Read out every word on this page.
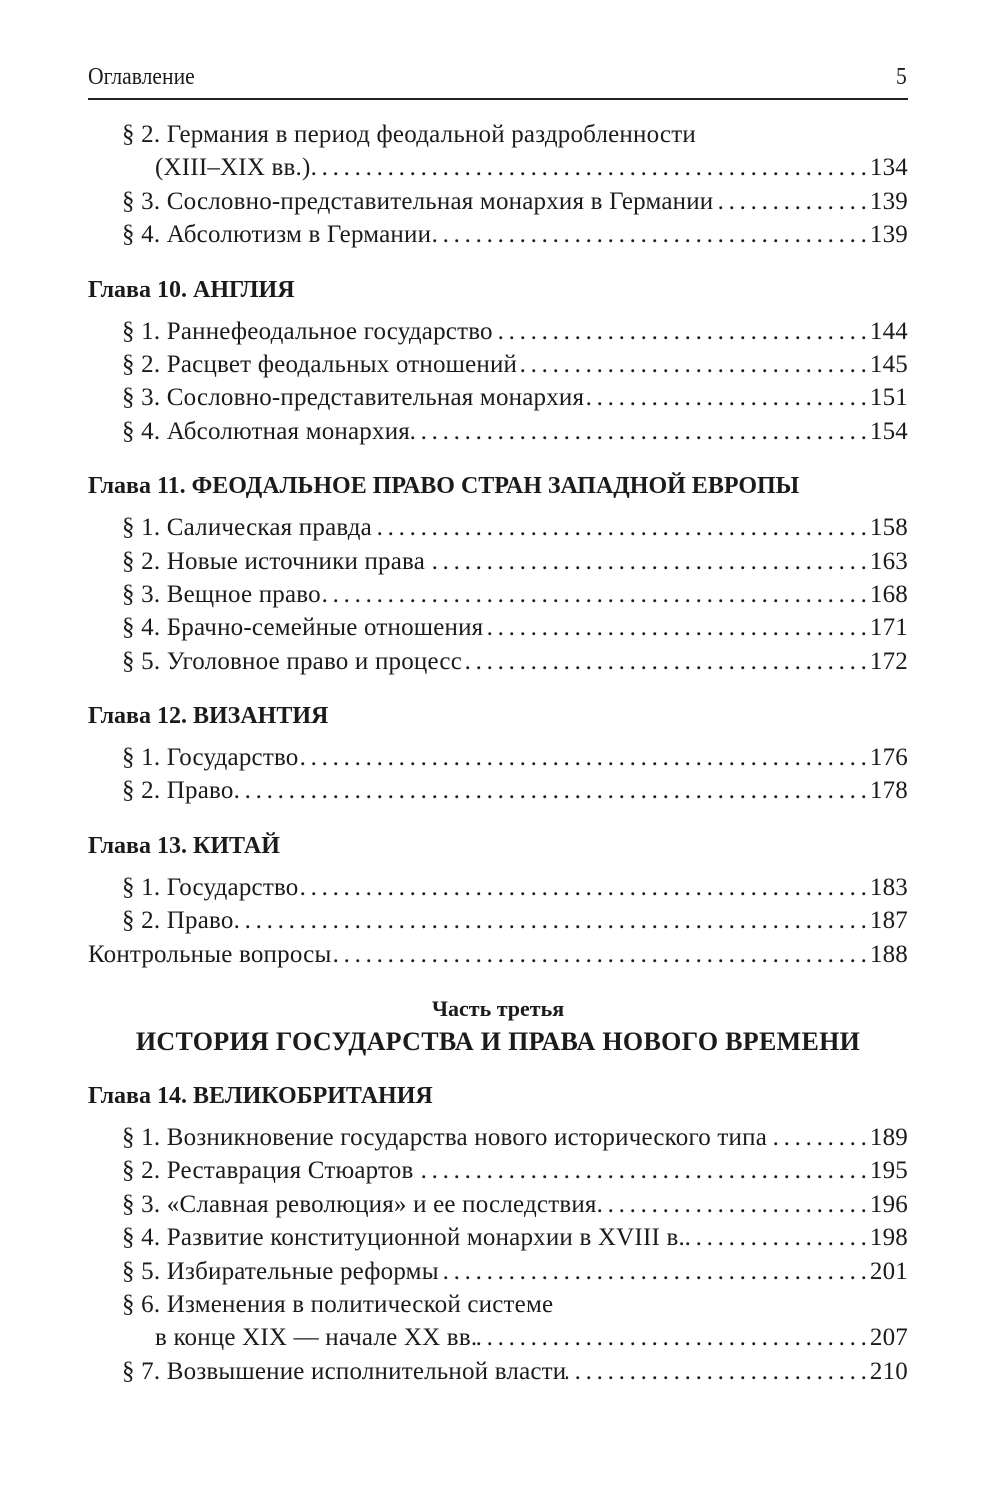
Оглавление	5
§ 2. Германия в период феодальной раздробленности
(XIII–XIX вв.) . . .	134
§ 3. Сословно-представительная монархия в Германии . . .	139
§ 4. Абсолютизм в Германии . . .	139
Глава 10. АНГЛИЯ
§ 1. Раннефеодальное государство . . .	144
§ 2. Расцвет феодальных отношений . . .	145
§ 3. Сословно-представительная монархия . . .	151
§ 4. Абсолютная монархия . . .	154
Глава 11. ФЕОДАЛЬНОЕ ПРАВО СТРАН ЗАПАДНОЙ ЕВРОПЫ
§ 1. Салическая правда . . .	158
§ 2. Новые источники права . . .	163
§ 3. Вещное право . . .	168
§ 4. Брачно-семейные отношения . . .	171
§ 5. Уголовное право и процесс . . .	172
Глава 12. ВИЗАНТИЯ
§ 1. Государство . . .	176
§ 2. Право . . .	178
Глава 13. КИТАЙ
§ 1. Государство . . .	183
§ 2. Право . . .	187
Контрольные вопросы . . .	188
Часть третья
ИСТОРИЯ ГОСУДАРСТВА И ПРАВА НОВОГО ВРЕМЕНИ
Глава 14. ВЕЛИКОБРИТАНИЯ
§ 1. Возникновение государства нового исторического типа . . .	189
§ 2. Реставрация Стюартов . . .	195
§ 3. «Славная революция» и ее последствия . . .	196
§ 4. Развитие конституционной монархии в XVIII в. . . .	198
§ 5. Избирательные реформы . . .	201
§ 6. Изменения в политической системе
в конце XIX — начале XX вв. . . .	207
§ 7. Возвышение исполнительной власти . . .	210
